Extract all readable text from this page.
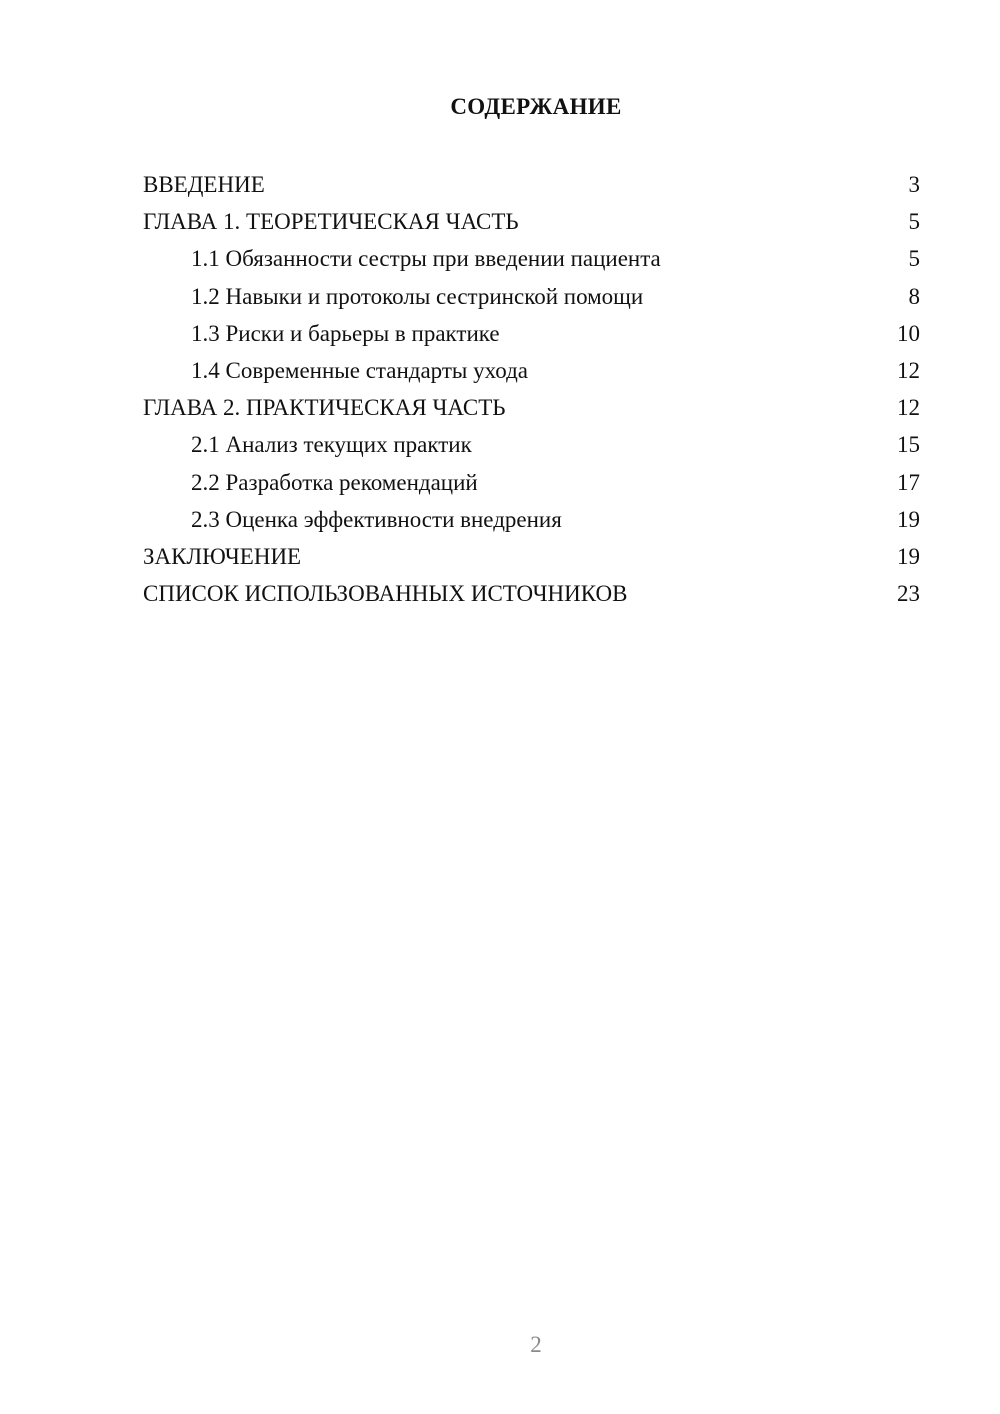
СОДЕРЖАНИЕ
ВВЕДЕНИЕ	3
ГЛАВА 1. ТЕОРЕТИЧЕСКАЯ ЧАСТЬ	5
1.1 Обязанности сестры при введении пациента	5
1.2 Навыки и протоколы сестринской помощи	8
1.3 Риски и барьеры в практике	10
1.4 Современные стандарты ухода	12
ГЛАВА 2. ПРАКТИЧЕСКАЯ ЧАСТЬ	12
2.1 Анализ текущих практик	15
2.2 Разработка рекомендаций	17
2.3 Оценка эффективности внедрения	19
ЗАКЛЮЧЕНИЕ	19
СПИСОК ИСПОЛЬЗОВАННЫХ ИСТОЧНИКОВ	23
2
